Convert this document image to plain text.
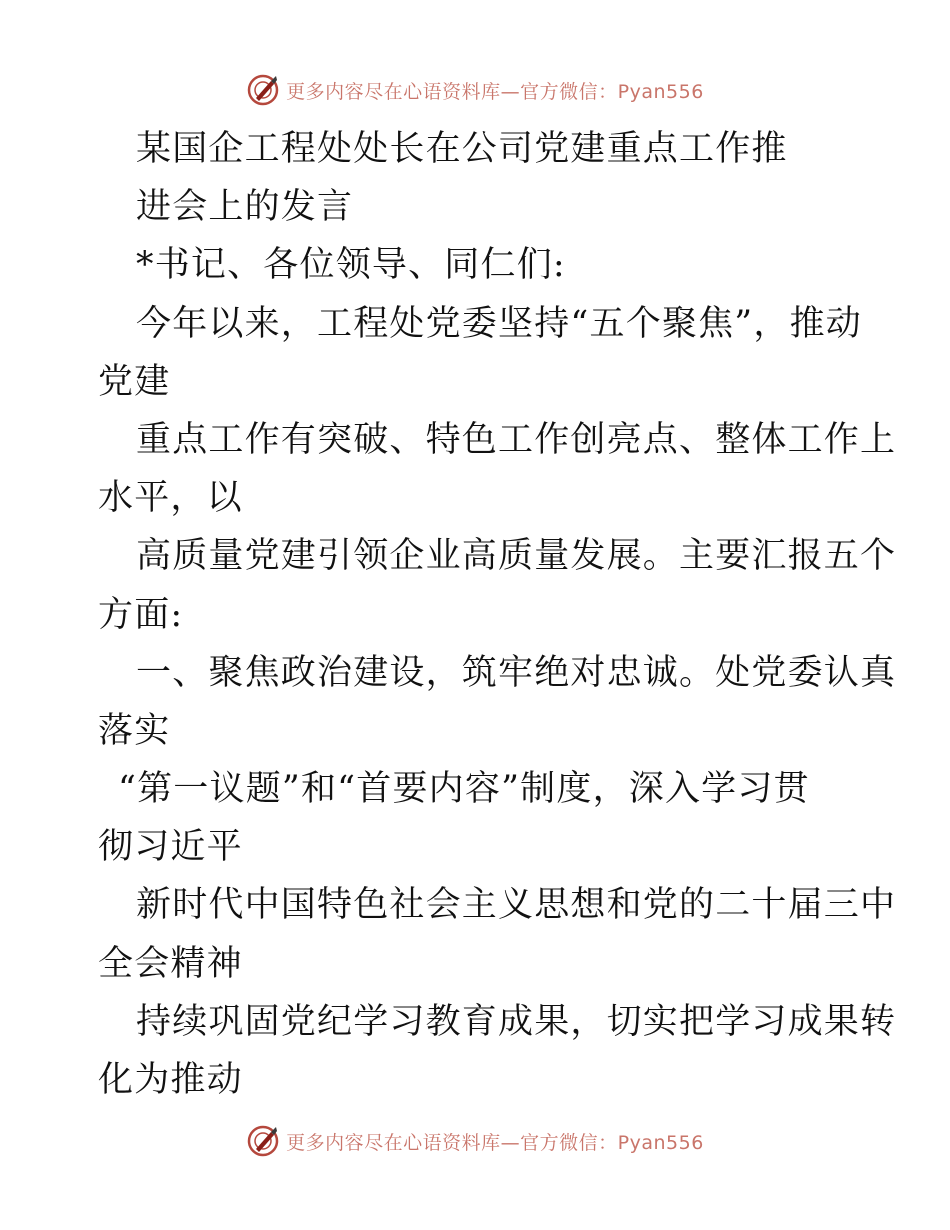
更多内容尽在心语资料库—官方微信：Pyan556
某国企工程处处长在公司党建重点工作推
进会上的发言
*书记、各位领导、同仁们:
今年以来，工程处党委坚持“五个聚焦”，推动
党建
重点工作有突破、特色工作创亮点、整体工作上
水平，以
高质量党建引领企业高质量发展。主要汇报五个
方面:
一、聚焦政治建设，筑牢绝对忠诚。处党委认真
落实
“第一议题”和“首要内容”制度，深入学习贯
彻习近平
新时代中国特色社会主义思想和党的二十届三中
全会精神
持续巩固党纪学习教育成果，切实把学习成果转
化为推动
更多内容尽在心语资料库—官方微信：Pyan556
